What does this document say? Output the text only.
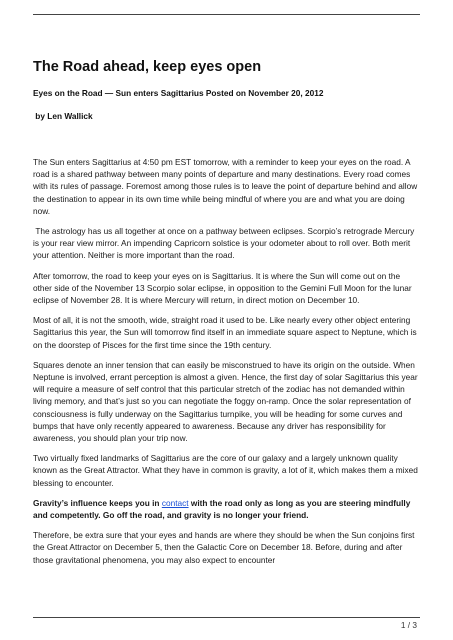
The Road ahead, keep eyes open
Eyes on the Road — Sun enters Sagittarius Posted on November 20, 2012
by Len Wallick

The Sun enters Sagittarius at 4:50 pm EST tomorrow, with a reminder to keep your eyes on the road. A road is a shared pathway between many points of departure and many destinations. Every road comes with its rules of passage. Foremost among those rules is to leave the point of departure behind and allow the destination to appear in its own time while being mindful of where you are and what you are doing now.

The astrology has us all together at once on a pathway between eclipses. Scorpio’s retrograde Mercury is your rear view mirror. An impending Capricorn solstice is your odometer about to roll over. Both merit your attention. Neither is more important than the road.

After tomorrow, the road to keep your eyes on is Sagittarius. It is where the Sun will come out on the other side of the November 13 Scorpio solar eclipse, in opposition to the Gemini Full Moon for the lunar eclipse of November 28. It is where Mercury will return, in direct motion on December 10.

Most of all, it is not the smooth, wide, straight road it used to be. Like nearly every other object entering Sagittarius this year, the Sun will tomorrow find itself in an immediate square aspect to Neptune, which is on the doorstep of Pisces for the first time since the 19th century.

Squares denote an inner tension that can easily be misconstrued to have its origin on the outside. When Neptune is involved, errant perception is almost a given. Hence, the first day of solar Sagittarius this year will require a measure of self control that this particular stretch of the zodiac has not demanded within living memory, and that’s just so you can negotiate the foggy on-ramp. Once the solar representation of consciousness is fully underway on the Sagittarius turnpike, you will be heading for some curves and bumps that have only recently appeared to awareness. Because any driver has responsibility for awareness, you should plan your trip now.

Two virtually fixed landmarks of Sagittarius are the core of our galaxy and a largely unknown quality known as the Great Attractor. What they have in common is gravity, a lot of it, which makes them a mixed blessing to encounter.

Gravity’s influence keeps you in contact with the road only as long as you are steering mindfully and competently. Go off the road, and gravity is no longer your friend.

Therefore, be extra sure that your eyes and hands are where they should be when the Sun conjoins first the Great Attractor on December 5, then the Galactic Core on December 18. Before, during and after those gravitational phenomena, you may also expect to encounter

1 / 3
